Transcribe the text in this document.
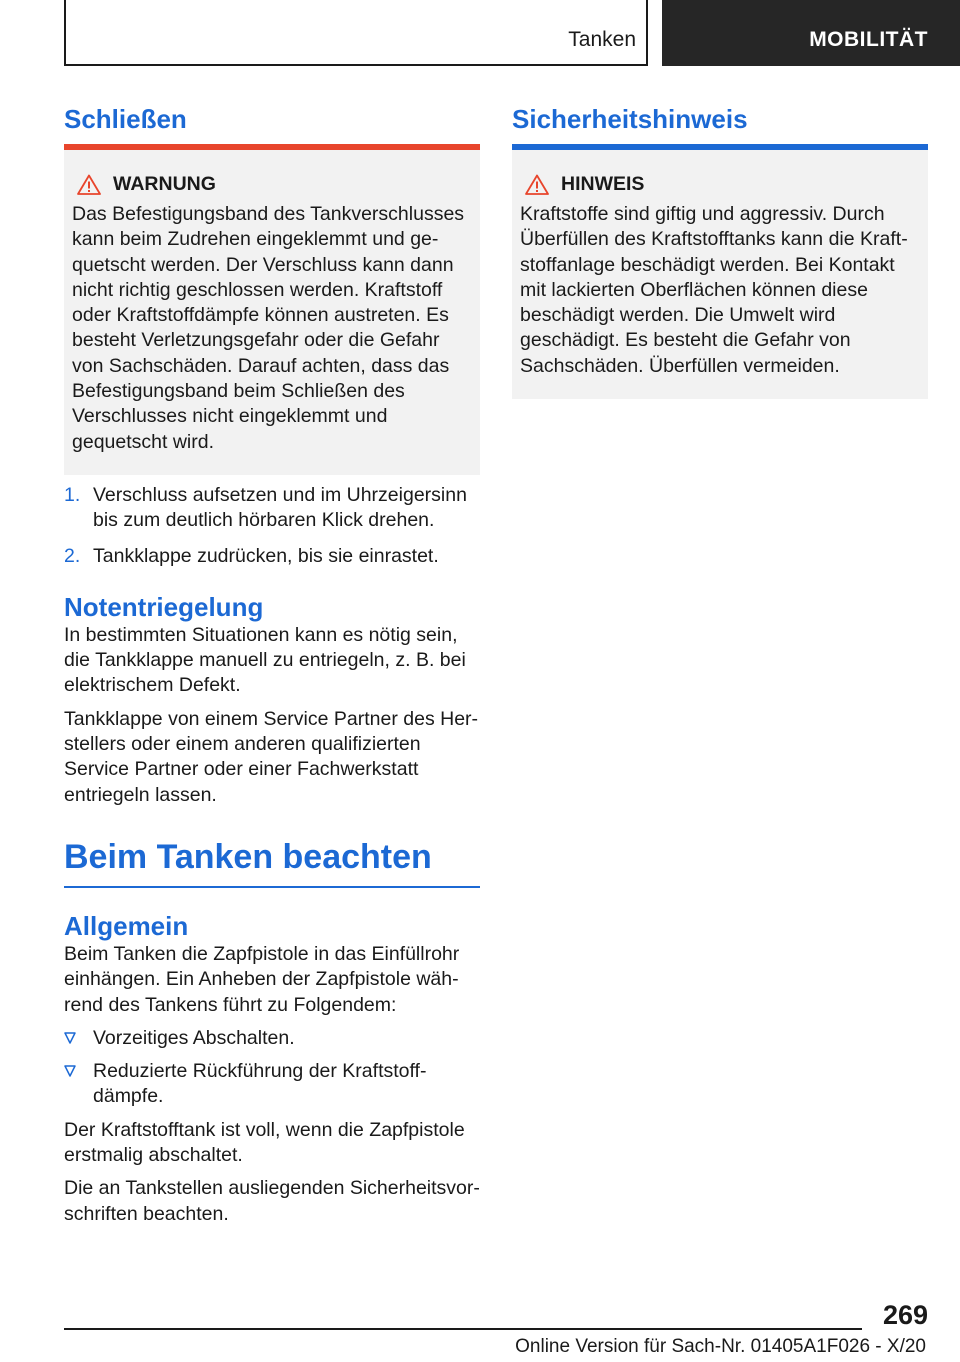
Tanken	MOBILITÄT
Schließen
WARNUNG

Das Befestigungsband des Tankverschlusses kann beim Zudrehen eingeklemmt und gequetscht werden. Der Verschluss kann dann nicht richtig geschlossen werden. Kraftstoff oder Kraftstoffdämpfe können austreten. Es besteht Verletzungsgefahr oder die Gefahr von Sachschäden. Darauf achten, dass das Befestigungsband beim Schließen des Verschlusses nicht eingeklemmt und gequetscht wird.

1. Verschluss aufsetzen und im Uhrzeigersinn bis zum deutlich hörbaren Klick drehen.
2. Tankklappe zudrücken, bis sie einrastet.
Notentriegelung

In bestimmten Situationen kann es nötig sein, die Tankklappe manuell zu entriegeln, z. B. bei elektrischem Defekt.

Tankklappe von einem Service Partner des Herstellers oder einem anderen qualifizierten Service Partner oder einer Fachwerkstatt entriegeln lassen.

Beim Tanken beachten
Allgemein

Beim Tanken die Zapfpistole in das Einfüllrohr einhängen. Ein Anheben der Zapfpistole während des Tankens führt zu Folgendem:

Vorzeitiges Abschalten.
Reduzierte Rückführung der Kraftstoffdämpfe.

Der Kraftstofftank ist voll, wenn die Zapfpistole erstmalig abschaltet.

Die an Tankstellen ausliegenden Sicherheitsvorschriften beachten.

Sicherheitshinweis
HINWEIS

Kraftstoffe sind giftig und aggressiv. Durch Überfüllen des Kraftstofftanks kann die Kraftstoffanlage beschädigt werden. Bei Kontakt mit lackierten Oberflächen können diese beschädigt werden. Die Umwelt wird geschädigt. Es besteht die Gefahr von Sachschäden. Überfüllen vermeiden.

269
Online Version für Sach-Nr. 01405A1F026 - X/20
